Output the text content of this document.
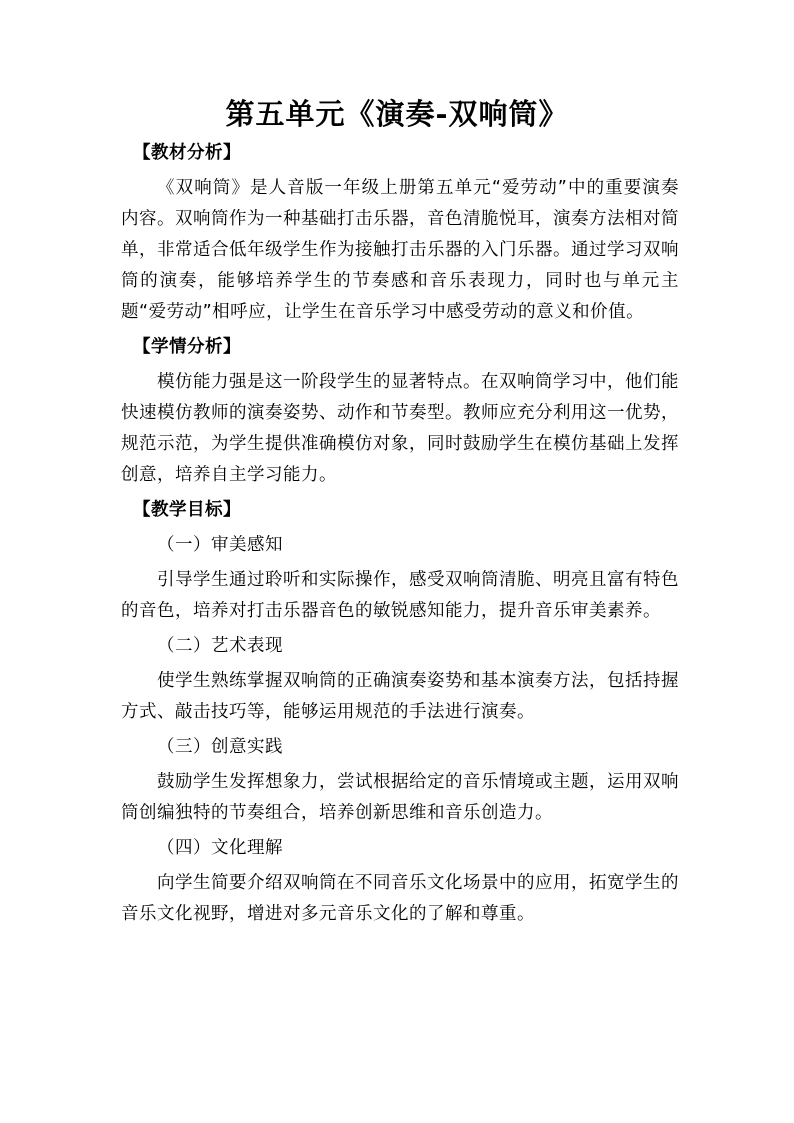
第五单元《演奏-双响筒》
【教材分析】

《双响筒》是人音版一年级上册第五单元“爱劳动”中的重要演奏内容。双响筒作为一种基础打击乐器，音色清脆悦耳，演奏方法相对简单，非常适合低年级学生作为接触打击乐器的入门乐器。通过学习双响筒的演奏，能够培养学生的节奏感和音乐表现力，同时也与单元主题“爱劳动”相呼应，让学生在音乐学习中感受劳动的意义和价值。

【学情分析】

模仿能力强是这一阶段学生的显著特点。在双响筒学习中，他们能快速模仿教师的演奏姿势、动作和节奏型。教师应充分利用这一优势，规范示范，为学生提供准确模仿对象，同时鼓励学生在模仿基础上发挥创意，培养自主学习能力。

【教学目标】
（一）审美感知

引导学生通过聆听和实际操作，感受双响筒清脆、明亮且富有特色的音色，培养对打击乐器音色的敏锐感知能力，提升音乐审美素养。

（二）艺术表现

使学生熟练掌握双响筒的正确演奏姿势和基本演奏方法，包括持握方式、敲击技巧等，能够运用规范的手法进行演奏。

（三）创意实践

鼓励学生发挥想象力，尝试根据给定的音乐情境或主题，运用双响筒创编独特的节奏组合，培养创新思维和音乐创造力。

（四）文化理解

向学生简要介绍双响筒在不同音乐文化场景中的应用，拓宽学生的音乐文化视野，增进对多元音乐文化的了解和尊重。
